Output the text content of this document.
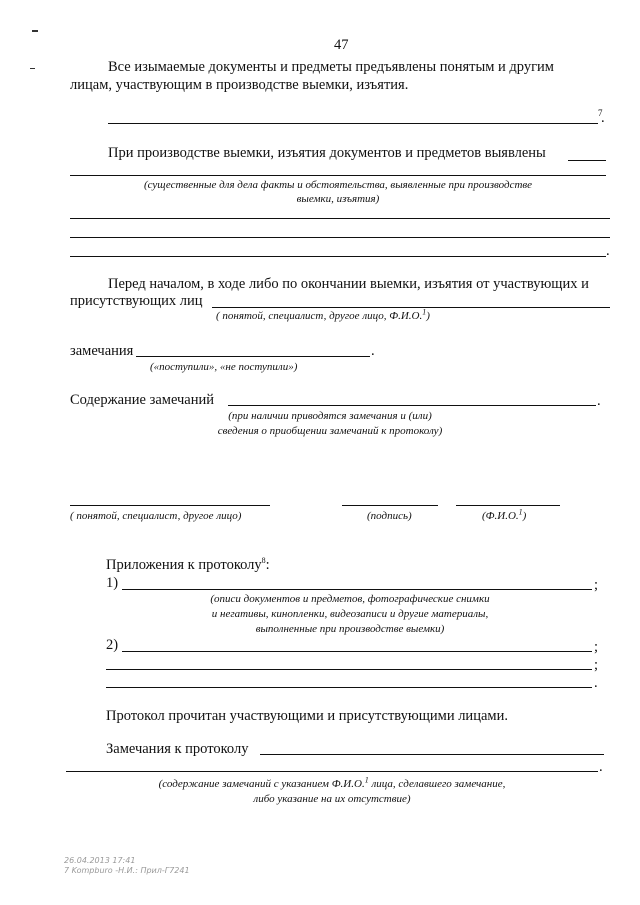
47
Все изымаемые документы и предметы предъявлены понятым и другим
лицам, участвующим в производстве выемки, изъятия.
7
.
При производстве выемки, изъятия документов и предметов выявлены
(существенные для дела факты и обстоятельства, выявленные при производстве
выемки, изъятия)
.
Перед началом, в ходе либо по окончании выемки, изъятия от участвующих и
присутствующих лиц
( понятой, специалист, другое лицо, Ф.И.О.$^1$)
замечания	.
(«поступили», «не поступили»)
Содержание замечаний	.
(при наличии приводятся замечания и (или)
сведения о приобщении замечаний к протоколу)
( понятой, специалист, другое лицо)	(подпись)	(Ф.И.О.$^1$)
Приложения к протоколу$^8$:
1)	;
(описи документов и предметов, фотографические снимки
и негативы, кинопленки, видеозаписи и другие материалы,
выполненные при производстве выемки)
2)	;
;
.
Протокол прочитан участвующими и присутствующими лицами.
Замечания к протоколу
.
(содержание замечаний с указанием Ф.И.О.$^1$ лица, сделавшего замечание,
либо указание на их отсутствие)
26.04.2013 17:41
7 Kompburo -Н.И.: Прил-Г7241
